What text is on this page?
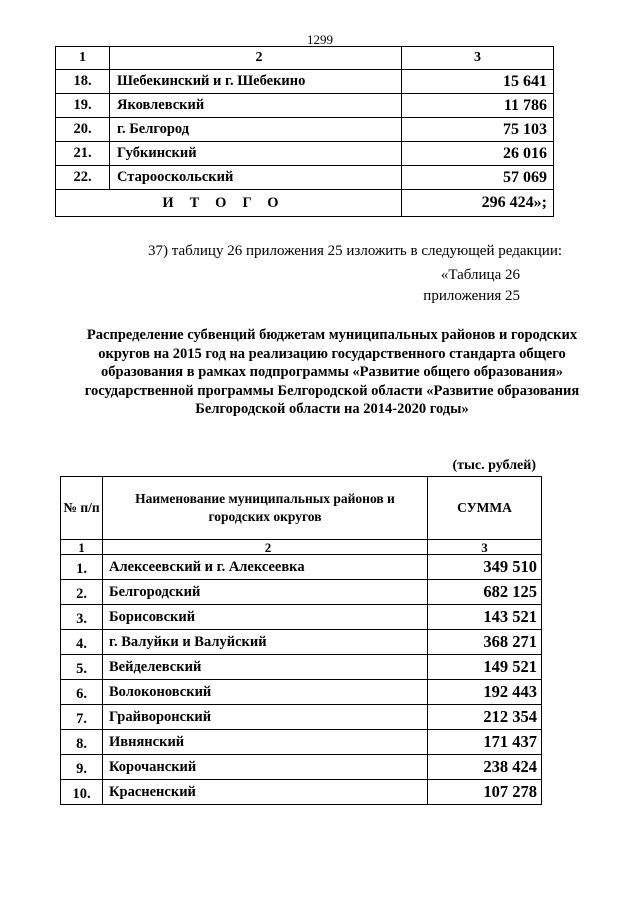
1299
1	2	3
18.	Шебекинский и г. Шебекино	15 641
19.	Яковлевский	11 786
20.	г. Белгород	75 103
21.	Губкинский	26 016
22.	Старооскольский	57 069
ИТОГО		296 424»;
37) таблицу 26 приложения 25 изложить в следующей редакции:
«Таблица 26
приложения 25
Распределение субвенций бюджетам муниципальных районов и городских округов на 2015 год на реализацию государственного стандарта общего образования в рамках подпрограммы «Развитие общего образования» государственной программы Белгородской области «Развитие образования Белгородской области на 2014-2020 годы»
(тыс. рублей)
№ п/п	Наименование муниципальных районов и городских округов	СУММА
1	2	3
1.	Алексеевский и г. Алексеевка	349 510
2.	Белгородский	682 125
3.	Борисовский	143 521
4.	г. Валуйки и Валуйский	368 271
5.	Вейделевский	149 521
6.	Волоконовский	192 443
7.	Грайворонский	212 354
8.	Ивнянский	171 437
9.	Корочанский	238 424
10.	Красненский	107 278
